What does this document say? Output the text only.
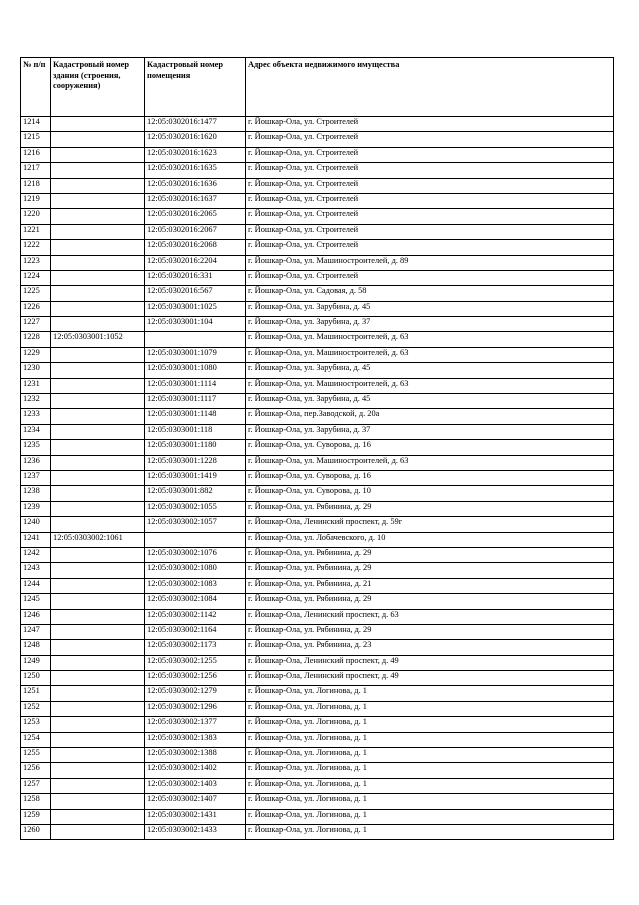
№ п/п	Кадастровый номер здания (строения, сооружения)	Кадастровый номер помещения	Адрес объекта недвижимого имущества
1214		12:05:0302016:1477	г. Йошкар-Ола, ул. Строителей
1215		12:05:0302016:1620	г. Йошкар-Ола, ул. Строителей
1216		12:05:0302016:1623	г. Йошкар-Ола, ул. Строителей
1217		12:05:0302016:1635	г. Йошкар-Ола, ул. Строителей
1218		12:05:0302016:1636	г. Йошкар-Ола, ул. Строителей
1219		12:05:0302016:1637	г. Йошкар-Ола, ул. Строителей
1220		12:05:0302016:2065	г. Йошкар-Ола, ул. Строителей
1221		12:05:0302016:2067	г. Йошкар-Ола, ул. Строителей
1222		12:05:0302016:2068	г. Йошкар-Ола, ул. Строителей
1223		12:05:0302016:2204	г. Йошкар-Ола, ул. Машиностроителей, д. 89
1224		12:05:0302016:331	г. Йошкар-Ола, ул. Строителей
1225		12:05:0302016:567	г. Йошкар-Ола, ул. Садовая, д. 58
1226		12:05:0303001:1025	г. Йошкар-Ола, ул. Зарубина, д. 45
1227		12:05:0303001:104	г. Йошкар-Ола, ул. Зарубина, д. 37
1228	12:05:0303001:1052		г. Йошкар-Ола, ул. Машиностроителей, д. 63
1229		12:05:0303001:1079	г. Йошкар-Ола, ул. Машиностроителей, д. 63
1230		12:05:0303001:1080	г. Йошкар-Ола, ул. Зарубина, д. 45
1231		12:05:0303001:1114	г. Йошкар-Ола, ул. Машиностроителей, д. 63
1232		12:05:0303001:1117	г. Йошкар-Ола, ул. Зарубина, д. 45
1233		12:05:0303001:1148	г. Йошкар-Ола, пер.Заводской, д. 20а
1234		12:05:0303001:118	г. Йошкар-Ола, ул. Зарубина, д. 37
1235		12:05:0303001:1180	г. Йошкар-Ола, ул. Суворова, д. 16
1236		12:05:0303001:1228	г. Йошкар-Ола, ул. Машиностроителей, д. 63
1237		12:05:0303001:1419	г. Йошкар-Ола, ул. Суворова, д. 16
1238		12:05:0303001:882	г. Йошкар-Ола, ул. Суворова, д. 10
1239		12:05:0303002:1055	г. Йошкар-Ола, ул. Рябинина, д. 29
1240		12:05:0303002:1057	г. Йошкар-Ола, Ленинский проспект, д. 59г
1241	12:05:0303002:1061		г. Йошкар-Ола, ул. Лобачевского, д. 10
1242		12:05:0303002:1076	г. Йошкар-Ола, ул. Рябинина, д. 29
1243		12:05:0303002:1080	г. Йошкар-Ола, ул. Рябинина, д. 29
1244		12:05:0303002:1083	г. Йошкар-Ола, ул. Рябинина, д. 21
1245		12:05:0303002:1084	г. Йошкар-Ола, ул. Рябинина, д. 29
1246		12:05:0303002:1142	г. Йошкар-Ола, Ленинский проспект, д. 63
1247		12:05:0303002:1164	г. Йошкар-Ола, ул. Рябинина, д. 29
1248		12:05:0303002:1173	г. Йошкар-Ола, ул. Рябинина, д. 23
1249		12:05:0303002:1255	г. Йошкар-Ола, Ленинский проспект, д. 49
1250		12:05:0303002:1256	г. Йошкар-Ола, Ленинский проспект, д. 49
1251		12:05:0303002:1279	г. Йошкар-Ола, ул. Логинова, д. 1
1252		12:05:0303002:1296	г. Йошкар-Ола, ул. Логинова, д. 1
1253		12:05:0303002:1377	г. Йошкар-Ола, ул. Логинова, д. 1
1254		12:05:0303002:1383	г. Йошкар-Ола, ул. Логинова, д. 1
1255		12:05:0303002:1388	г. Йошкар-Ола, ул. Логинова, д. 1
1256		12:05:0303002:1402	г. Йошкар-Ола, ул. Логинова, д. 1
1257		12:05:0303002:1403	г. Йошкар-Ола, ул. Логинова, д. 1
1258		12:05:0303002:1407	г. Йошкар-Ола, ул. Логинова, д. 1
1259		12:05:0303002:1431	г. Йошкар-Ола, ул. Логинова, д. 1
1260		12:05:0303002:1433	г. Йошкар-Ола, ул. Логинова, д. 1
